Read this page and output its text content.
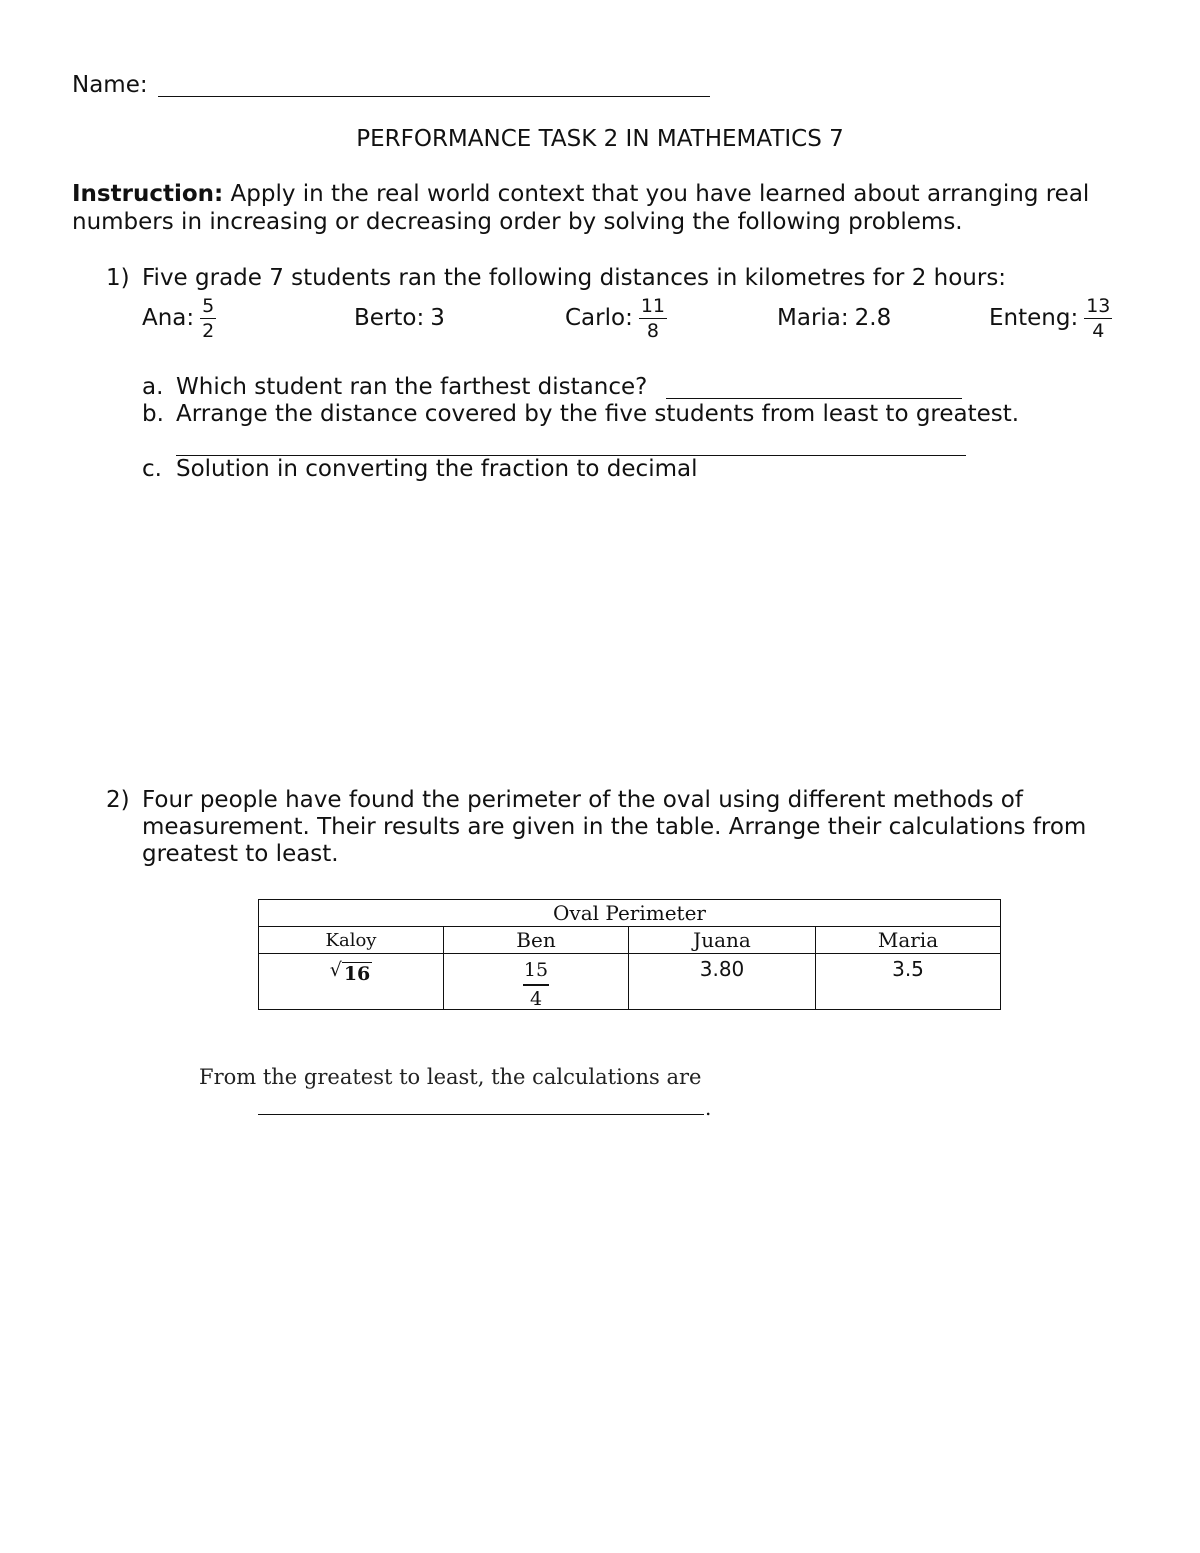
Name:
PERFORMANCE TASK 2 IN MATHEMATICS 7
Instruction: Apply in the real world context that you have learned about arranging real
numbers in increasing or decreasing order by solving the following problems.
1) Five grade 7 students ran the following distances in kilometres for 2 hours:
Ana: $\frac{5}{2}$	Berto: 3	Carlo: $\frac{11}{8}$	Maria: 2.8	Enteng: $\frac{13}{4}$
a. Which student ran the farthest distance?
b. Arrange the distance covered by the five students from least to greatest.
c. Solution in converting the fraction to decimal
2) Four people have found the perimeter of the oval using different methods of
measurement. Their results are given in the table. Arrange their calculations from
greatest to least.
Oval Perimeter			
Kaloy	Ben	Juana	Maria

√ 16	$\frac{15}{4}$	3.80	3.5
From the greatest to least, the calculations are
.
